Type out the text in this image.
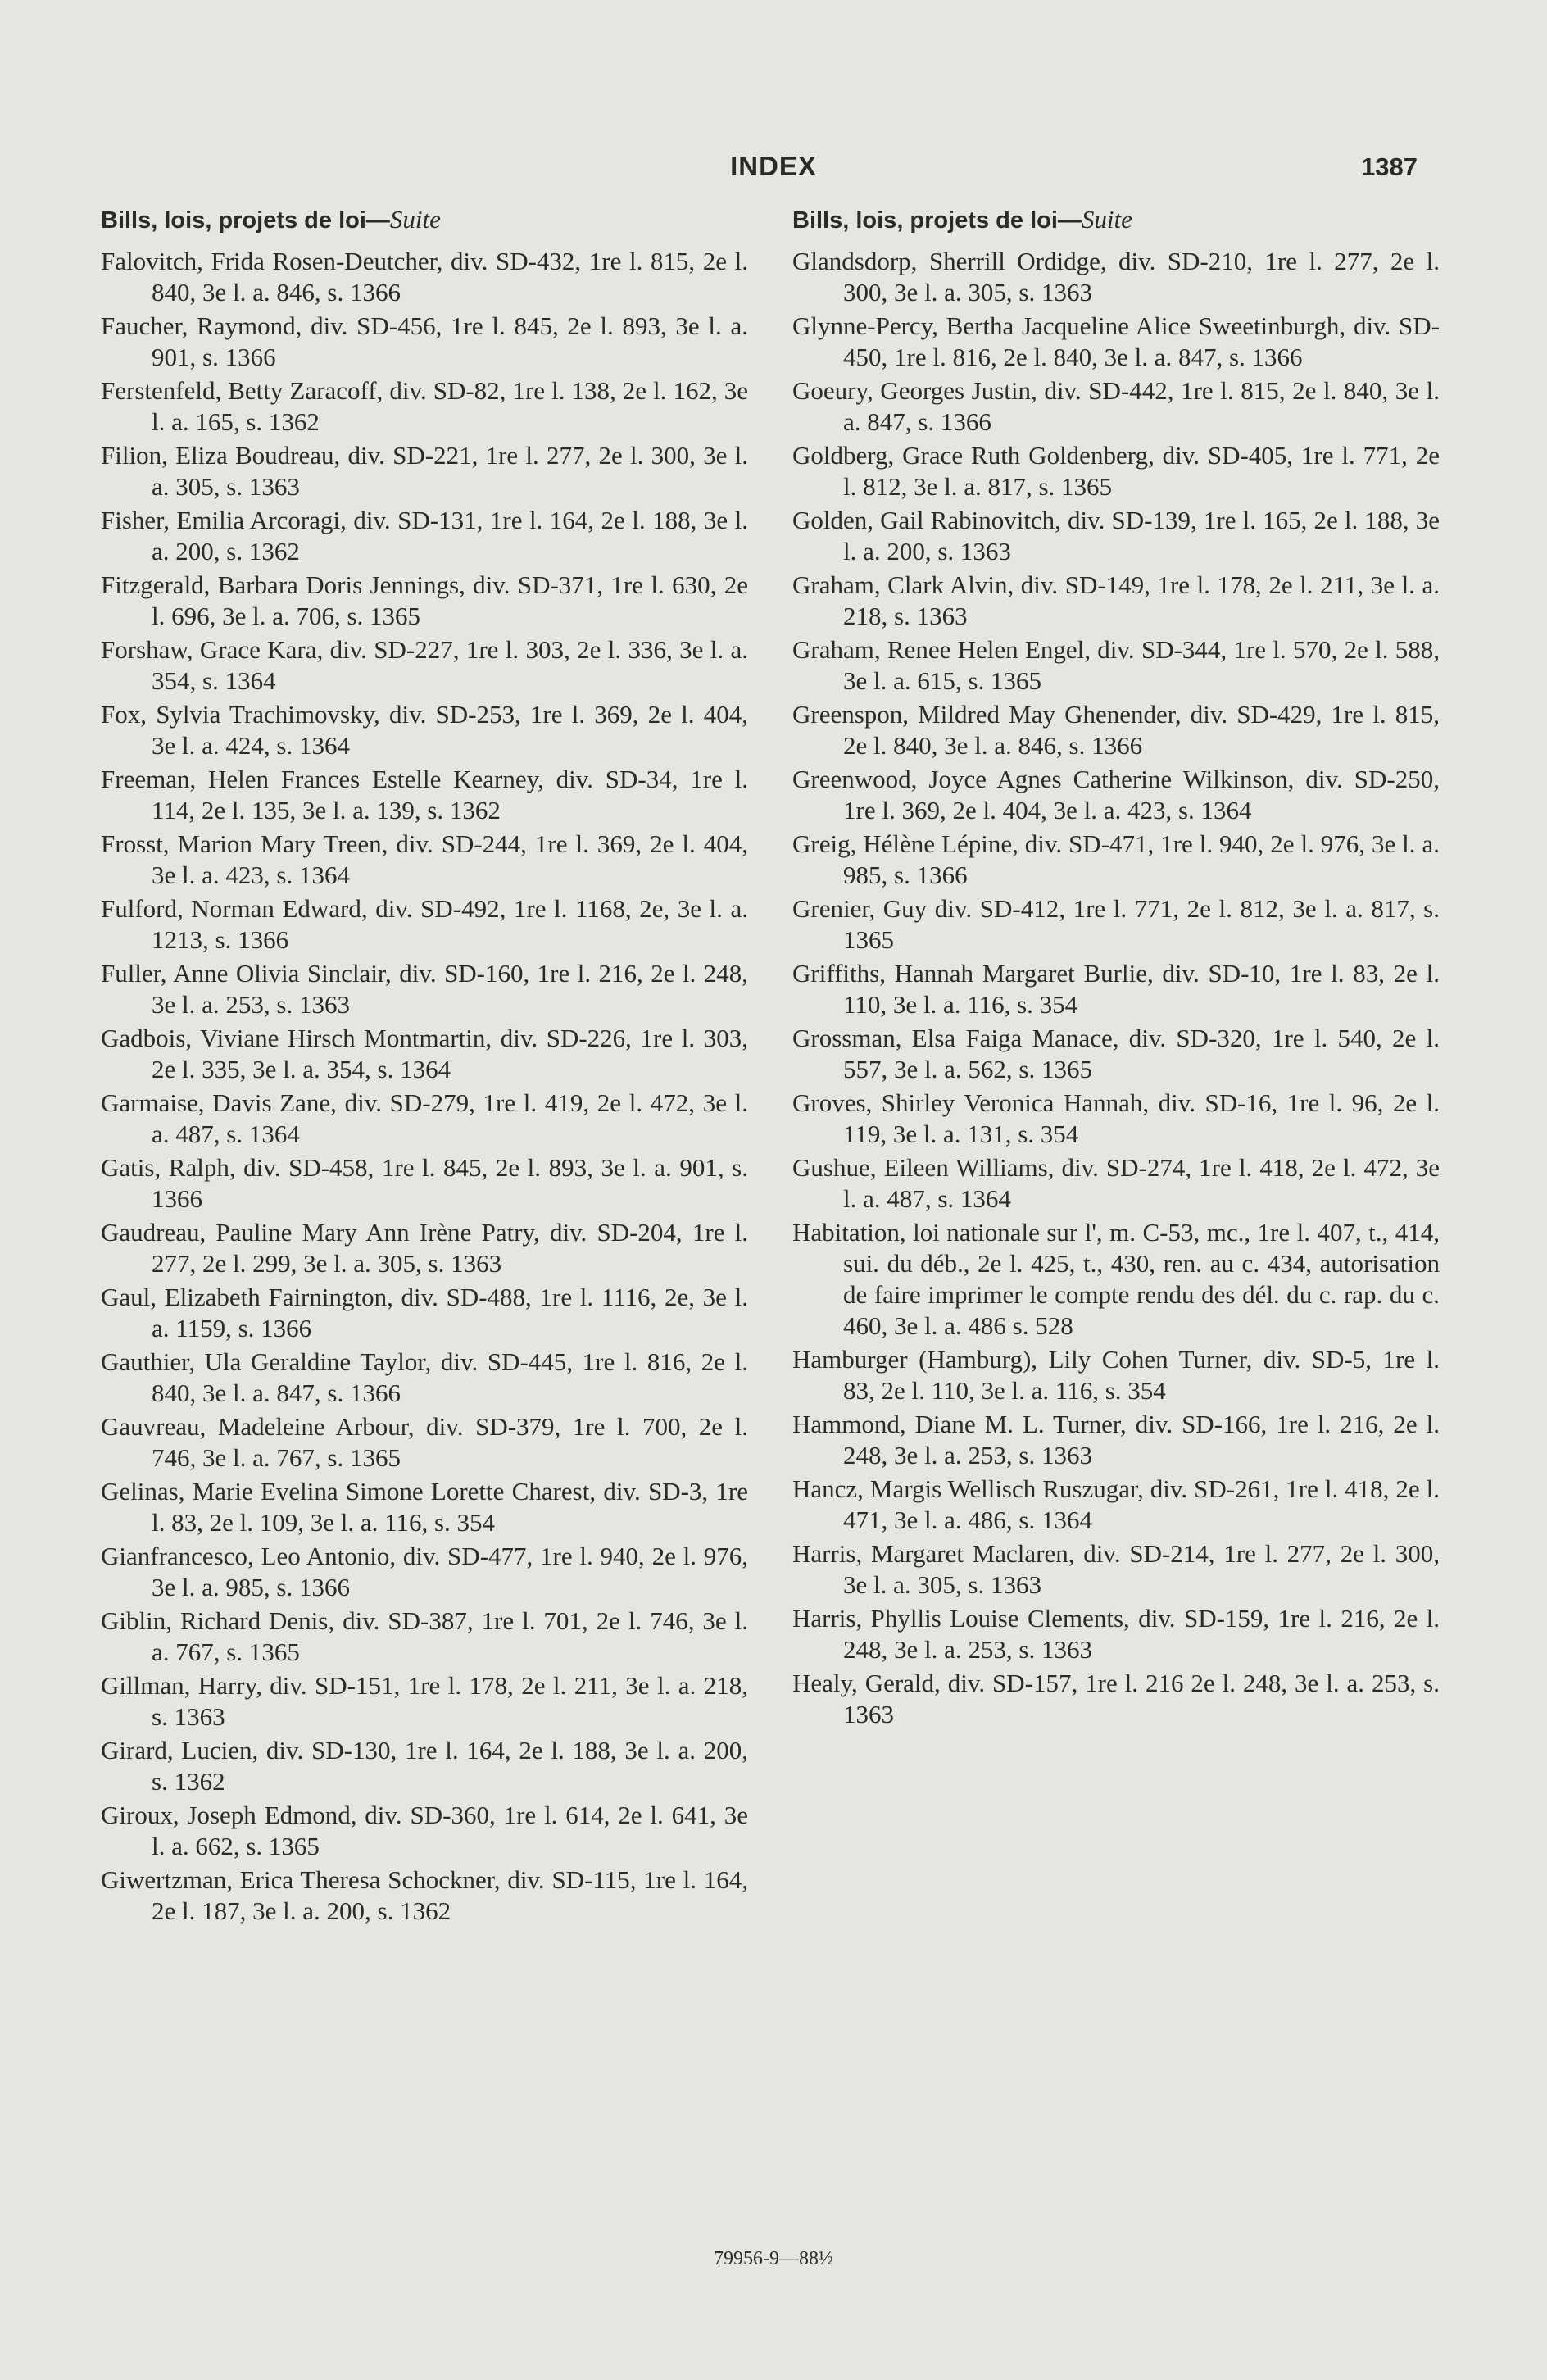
INDEX	1387
Bills, lois, projets de loi—Suite

Falovitch, Frida Rosen-Deutcher, div. SD-432, 1re l. 815, 2e l. 840, 3e l. a. 846, s. 1366

Faucher, Raymond, div. SD-456, 1re l. 845, 2e l. 893, 3e l. a. 901, s. 1366

Ferstenfeld, Betty Zaracoff, div. SD-82, 1re l. 138, 2e l. 162, 3e l. a. 165, s. 1362

Filion, Eliza Boudreau, div. SD-221, 1re l. 277, 2e l. 300, 3e l. a. 305, s. 1363

Fisher, Emilia Arcoragi, div. SD-131, 1re l. 164, 2e l. 188, 3e l. a. 200, s. 1362

Fitzgerald, Barbara Doris Jennings, div. SD-371, 1re l. 630, 2e l. 696, 3e l. a. 706, s. 1365

Forshaw, Grace Kara, div. SD-227, 1re l. 303, 2e l. 336, 3e l. a. 354, s. 1364

Fox, Sylvia Trachimovsky, div. SD-253, 1re l. 369, 2e l. 404, 3e l. a. 424, s. 1364

Freeman, Helen Frances Estelle Kearney, div. SD-34, 1re l. 114, 2e l. 135, 3e l. a. 139, s. 1362

Frosst, Marion Mary Treen, div. SD-244, 1re l. 369, 2e l. 404, 3e l. a. 423, s. 1364

Fulford, Norman Edward, div. SD-492, 1re l. 1168, 2e, 3e l. a. 1213, s. 1366

Fuller, Anne Olivia Sinclair, div. SD-160, 1re l. 216, 2e l. 248, 3e l. a. 253, s. 1363

Gadbois, Viviane Hirsch Montmartin, div. SD-226, 1re l. 303, 2e l. 335, 3e l. a. 354, s. 1364

Garmaise, Davis Zane, div. SD-279, 1re l. 419, 2e l. 472, 3e l. a. 487, s. 1364

Gatis, Ralph, div. SD-458, 1re l. 845, 2e l. 893, 3e l. a. 901, s. 1366

Gaudreau, Pauline Mary Ann Irène Patry, div. SD-204, 1re l. 277, 2e l. 299, 3e l. a. 305, s. 1363

Gaul, Elizabeth Fairnington, div. SD-488, 1re l. 1116, 2e, 3e l. a. 1159, s. 1366

Gauthier, Ula Geraldine Taylor, div. SD-445, 1re l. 816, 2e l. 840, 3e l. a. 847, s. 1366

Gauvreau, Madeleine Arbour, div. SD-379, 1re l. 700, 2e l. 746, 3e l. a. 767, s. 1365

Gelinas, Marie Evelina Simone Lorette Charest, div. SD-3, 1re l. 83, 2e l. 109, 3e l. a. 116, s. 354

Gianfrancesco, Leo Antonio, div. SD-477, 1re l. 940, 2e l. 976, 3e l. a. 985, s. 1366

Giblin, Richard Denis, div. SD-387, 1re l. 701, 2e l. 746, 3e l. a. 767, s. 1365

Gillman, Harry, div. SD-151, 1re l. 178, 2e l. 211, 3e l. a. 218, s. 1363

Girard, Lucien, div. SD-130, 1re l. 164, 2e l. 188, 3e l. a. 200, s. 1362

Giroux, Joseph Edmond, div. SD-360, 1re l. 614, 2e l. 641, 3e l. a. 662, s. 1365

Giwertzman, Erica Theresa Schockner, div. SD-115, 1re l. 164, 2e l. 187, 3e l. a. 200, s. 1362

Bills, lois, projets de loi—Suite

Glandsdorp, Sherrill Ordidge, div. SD-210, 1re l. 277, 2e l. 300, 3e l. a. 305, s. 1363

Glynne-Percy, Bertha Jacqueline Alice Sweetinburgh, div. SD-450, 1re l. 816, 2e l. 840, 3e l. a. 847, s. 1366

Goeury, Georges Justin, div. SD-442, 1re l. 815, 2e l. 840, 3e l. a. 847, s. 1366

Goldberg, Grace Ruth Goldenberg, div. SD-405, 1re l. 771, 2e l. 812, 3e l. a. 817, s. 1365

Golden, Gail Rabinovitch, div. SD-139, 1re l. 165, 2e l. 188, 3e l. a. 200, s. 1363

Graham, Clark Alvin, div. SD-149, 1re l. 178, 2e l. 211, 3e l. a. 218, s. 1363

Graham, Renee Helen Engel, div. SD-344, 1re l. 570, 2e l. 588, 3e l. a. 615, s. 1365

Greenspon, Mildred May Ghenender, div. SD-429, 1re l. 815, 2e l. 840, 3e l. a. 846, s. 1366

Greenwood, Joyce Agnes Catherine Wilkinson, div. SD-250, 1re l. 369, 2e l. 404, 3e l. a. 423, s. 1364

Greig, Hélène Lépine, div. SD-471, 1re l. 940, 2e l. 976, 3e l. a. 985, s. 1366

Grenier, Guy div. SD-412, 1re l. 771, 2e l. 812, 3e l. a. 817, s. 1365

Griffiths, Hannah Margaret Burlie, div. SD-10, 1re l. 83, 2e l. 110, 3e l. a. 116, s. 354

Grossman, Elsa Faiga Manace, div. SD-320, 1re l. 540, 2e l. 557, 3e l. a. 562, s. 1365

Groves, Shirley Veronica Hannah, div. SD-16, 1re l. 96, 2e l. 119, 3e l. a. 131, s. 354

Gushue, Eileen Williams, div. SD-274, 1re l. 418, 2e l. 472, 3e l. a. 487, s. 1364

Habitation, loi nationale sur l', m. C-53, mc., 1re l. 407, t., 414, sui. du déb., 2e l. 425, t., 430, ren. au c. 434, autorisation de faire imprimer le compte rendu des dél. du c. rap. du c. 460, 3e l. a. 486 s. 528

Hamburger (Hamburg), Lily Cohen Turner, div. SD-5, 1re l. 83, 2e l. 110, 3e l. a. 116, s. 354

Hammond, Diane M. L. Turner, div. SD-166, 1re l. 216, 2e l. 248, 3e l. a. 253, s. 1363

Hancz, Margis Wellisch Ruszugar, div. SD-261, 1re l. 418, 2e l. 471, 3e l. a. 486, s. 1364

Harris, Margaret Maclaren, div. SD-214, 1re l. 277, 2e l. 300, 3e l. a. 305, s. 1363

Harris, Phyllis Louise Clements, div. SD-159, 1re l. 216, 2e l. 248, 3e l. a. 253, s. 1363

Healy, Gerald, div. SD-157, 1re l. 216 2e l. 248, 3e l. a. 253, s. 1363

79956-9—88½
